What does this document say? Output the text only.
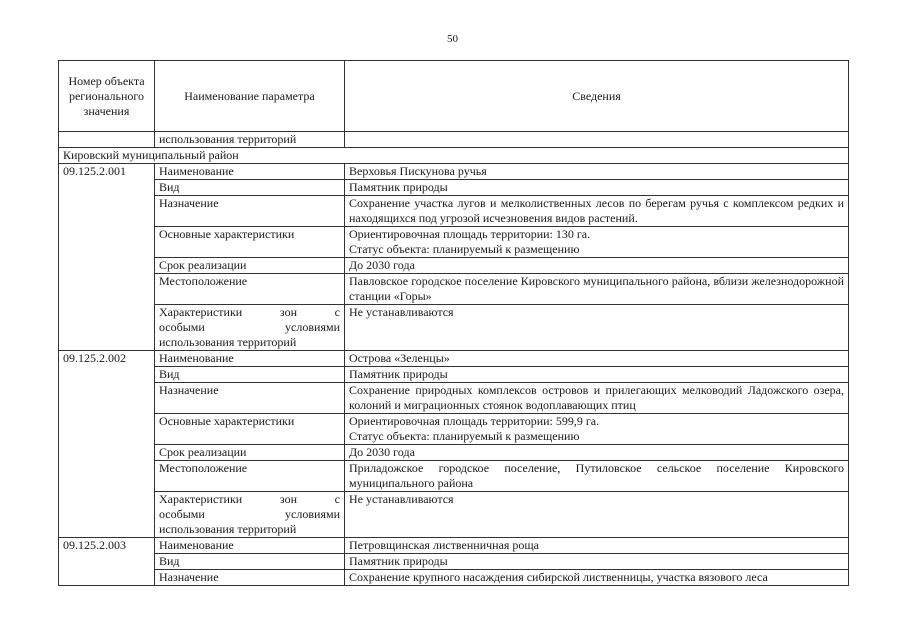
50
Номер объекта регионального значения	Наименование параметра	Сведения
	использования территорий	
Кировский муниципальный район		
09.125.2.001	Наименование	Верховья Пискунова ручья
	Вид	Памятник природы
	Назначение	Сохранение участка лугов и мелколиственных лесов по берегам ручья с комплексом редких и находящихся под угрозой исчезновения видов растений.
	Основные характеристики	Ориентировочная площадь территории: 130 га.
Статус объекта: планируемый к размещению

	Срок реализации	До 2030 года
	Местоположение	Павловское городское поселение Кировского муниципального района, вблизи железнодорожной станции «Горы»

	Характеристики зон с
особыми условиями
использования территорий	Не устанавливаются
09.125.2.002	Наименование	Острова «Зеленцы»
	Вид	Памятник природы
	Назначение	Сохранение природных комплексов островов и прилегающих мелководий Ладожского озера, колоний и миграционных стоянок водоплавающих птиц
	Основные характеристики	Ориентировочная площадь территории: 599,9 га.
Статус объекта: планируемый к размещению

	Срок реализации	До 2030 года
	Местоположение	Приладожское городское поселение, Путиловское сельское поселение Кировского муниципального района

	Характеристики зон с
особыми условиями
использования территорий	Не устанавливаются
09.125.2.003	Наименование	Петровщинская лиственничная роща
	Вид	Памятник природы
	Назначение	Сохранение крупного насаждения сибирской лиственницы, участка вязового леса
